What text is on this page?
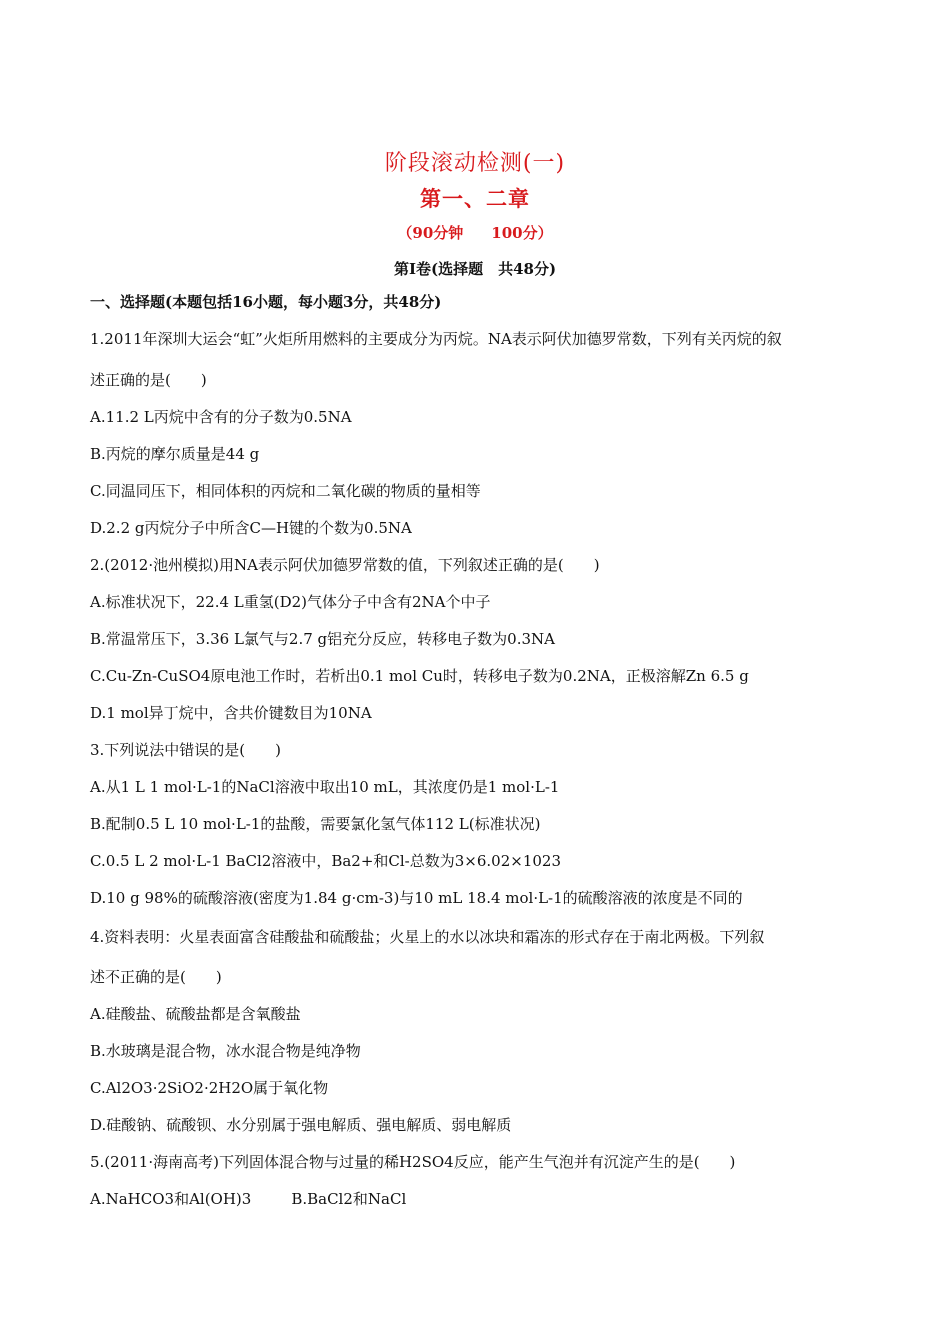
阶段滚动检测(一)
第一、二章
（90分钟 100分）
第Ⅰ卷(选择题　共48分)
一、选择题(本题包括16小题，每小题3分，共48分)
1.2011年深圳大运会“虹”火炬所用燃料的主要成分为丙烷。NA表示阿伏加德罗常数，下列有关丙烷的叙
述正确的是(　　)
A.11.2 L丙烷中含有的分子数为0.5NA
B.丙烷的摩尔质量是44 g
C.同温同压下，相同体积的丙烷和二氧化碳的物质的量相等
D.2.2 g丙烷分子中所含C—H键的个数为0.5NA
2.(2012·池州模拟)用NA表示阿伏加德罗常数的值，下列叙述正确的是(　　)
A.标准状况下，22.4 L重氢(D2)气体分子中含有2NA个中子
B.常温常压下，3.36 L氯气与2.7 g铝充分反应，转移电子数为0.3NA
C.Cu-Zn-CuSO4原电池工作时，若析出0.1 mol Cu时，转移电子数为0.2NA，正极溶解Zn 6.5 g
D.1 mol异丁烷中，含共价键数目为10NA
3.下列说法中错误的是(　　)
A.从1 L 1 mol·L-1的NaCl溶液中取出10 mL，其浓度仍是1 mol·L-1
B.配制0.5 L 10 mol·L-1的盐酸，需要氯化氢气体112 L(标准状况)
C.0.5 L 2 mol·L-1 BaCl2溶液中，Ba2+和Cl-总数为3×6.02×1023
D.10 g 98%的硫酸溶液(密度为1.84 g·cm-3)与10 mL 18.4 mol·L-1的硫酸溶液的浓度是不同的
4.资料表明：火星表面富含硅酸盐和硫酸盐；火星上的水以冰块和霜冻的形式存在于南北两极。下列叙
述不正确的是(　　)
A.硅酸盐、硫酸盐都是含氧酸盐
B.水玻璃是混合物，冰水混合物是纯净物
C.Al2O3·2SiO2·2H2O属于氧化物
D.硅酸钠、硫酸钡、水分别属于强电解质、强电解质、弱电解质
5.(2011·海南高考)下列固体混合物与过量的稀H2SO4反应，能产生气泡并有沉淀产生的是(　　)
A.NaHCO3和Al(OH)3	B.BaCl2和NaCl
